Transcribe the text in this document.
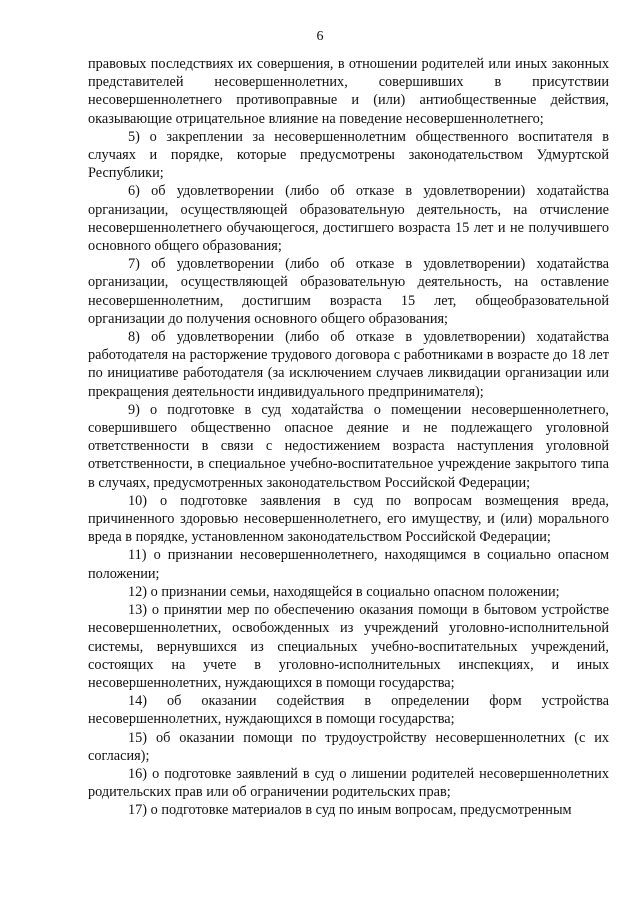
6

правовых последствиях их совершения, в отношении родителей или иных законных представителей несовершеннолетних, совершивших в присутствии несовершеннолетнего противоправные и (или) антиобщественные действия, оказывающие отрицательное влияние на поведение несовершеннолетнего;

5) о закреплении за несовершеннолетним общественного воспитателя в случаях и порядке, которые предусмотрены законодательством Удмуртской Республики;

6) об удовлетворении (либо об отказе в удовлетворении) ходатайства организации, осуществляющей образовательную деятельность, на отчисление несовершеннолетнего обучающегося, достигшего возраста 15 лет и не получившего основного общего образования;

7) об удовлетворении (либо об отказе в удовлетворении) ходатайства организации, осуществляющей образовательную деятельность, на оставление несовершеннолетним, достигшим возраста 15 лет, общеобразовательной организации до получения основного общего образования;

8) об удовлетворении (либо об отказе в удовлетворении) ходатайства работодателя на расторжение трудового договора с работниками в возрасте до 18 лет по инициативе работодателя (за исключением случаев ликвидации организации или прекращения деятельности индивидуального предпринимателя);

9) о подготовке в суд ходатайства о помещении несовершеннолетнего, совершившего общественно опасное деяние и не подлежащего уголовной ответственности в связи с недостижением возраста наступления уголовной ответственности, в специальное учебно-воспитательное учреждение закрытого типа в случаях, предусмотренных законодательством Российской Федерации;

10) о подготовке заявления в суд по вопросам возмещения вреда, причиненного здоровью несовершеннолетнего, его имуществу, и (или) морального вреда в порядке, установленном законодательством Российской Федерации;

11) о признании несовершеннолетнего, находящимся в социально опасном положении;

12) о признании семьи, находящейся в социально опасном положении;

13) о принятии мер по обеспечению оказания помощи в бытовом устройстве несовершеннолетних, освобожденных из учреждений уголовно-исполнительной системы, вернувшихся из специальных учебно-воспитательных учреждений, состоящих на учете в уголовно-исполнительных инспекциях, и иных несовершеннолетних, нуждающихся в помощи государства;

14) об оказании содействия в определении форм устройства несовершеннолетних, нуждающихся в помощи государства;

15) об оказании помощи по трудоустройству несовершеннолетних (с их согласия);

16) о подготовке заявлений в суд о лишении родителей несовершеннолетних родительских прав или об ограничении родительских прав;

17) о подготовке материалов в суд по иным вопросам, предусмотренным
